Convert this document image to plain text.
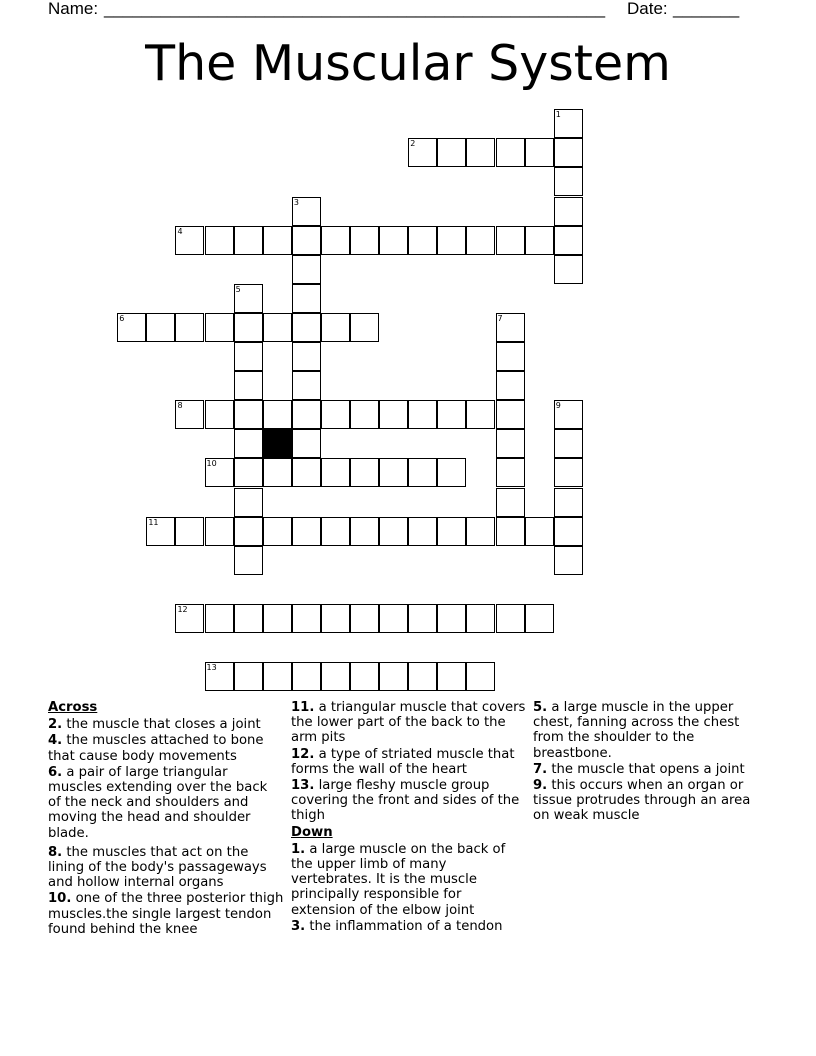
Name: _____________________________________________________ Date: _______
The Muscular System
1
2
3
4
5
6	7
8	9
10
11
12
13
Across
2. the muscle that closes a joint
4. the muscles attached to bone that cause body movements
6. a pair of large triangular muscles extending over the back of the neck and shoulders and moving the head and shoulder blade.
8. the muscles that act on the lining of the body's passageways and hollow internal organs
10. one of the three posterior thigh muscles.the single largest tendon found behind the knee
11. a triangular muscle that covers the lower part of the back to the arm pits
12. a type of striated muscle that forms the wall of the heart
13. large fleshy muscle group covering the front and sides of the thigh
Down
1. a large muscle on the back of the upper limb of many vertebrates. It is the muscle principally responsible for extension of the elbow joint
3. the inflammation of a tendon
5. a large muscle in the upper chest, fanning across the chest from the shoulder to the breastbone.
7. the muscle that opens a joint
9. this occurs when an organ or tissue protrudes through an area on weak muscle
